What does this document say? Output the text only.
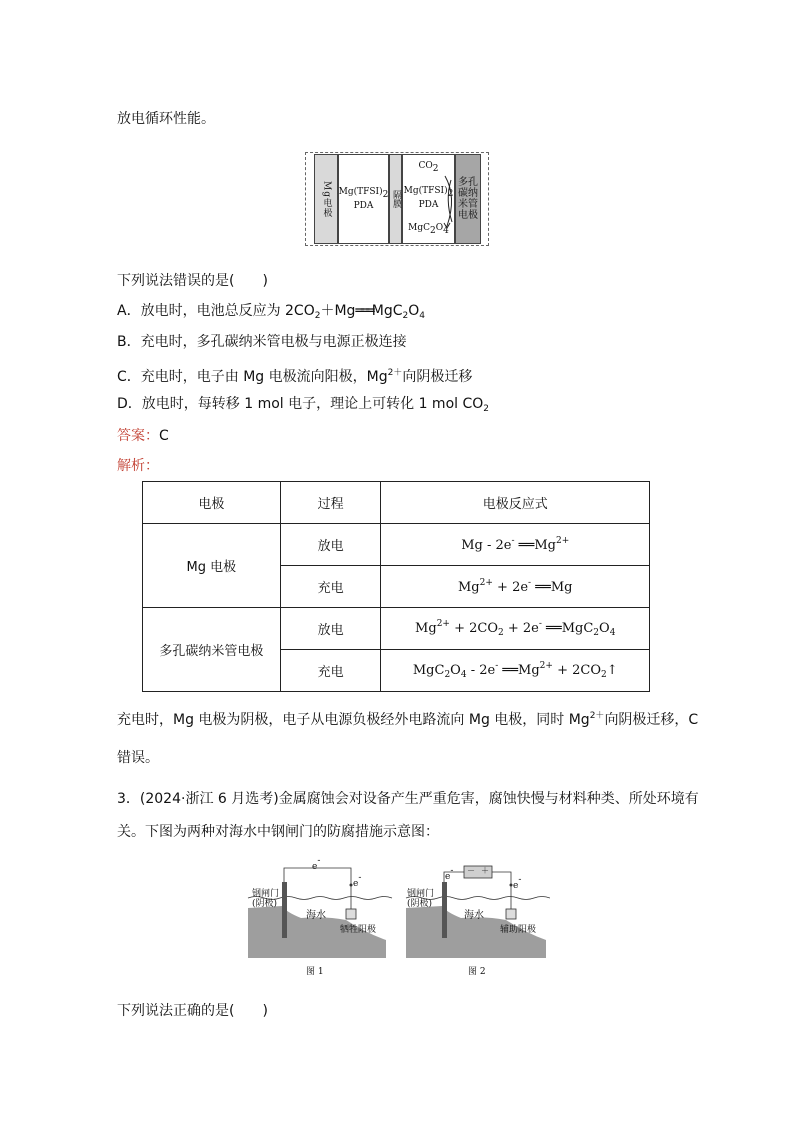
放电循环性能。
Mg电极 $Mg(TFSI)_2$
PDA	隔膜
$CO_2$
$Mg(TFSI)_2$
PDA
$MgC_2O_4$
多孔碳纳米管电极
下列说法错误的是(　　)
A．放电时，电池总反应为 $2CO_2+Mg═══MgC_2O_4$
B．充电时，多孔碳纳米管电极与电源正极连接
C．充电时，电子由 Mg 电极流向阳极，$Mg^{2+}$向阴极迁移
D．放电时，每转移 1 mol 电子，理论上可转化 1 mol $CO_2$
答案：C
解析：
电极	过程	电极反应式
Mg 电极	放电	Mg - 2e- $══Mg^{2+}$
	充电	$Mg^{2+} + 2e^-$ ══Mg
多孔碳纳米管电极	放电	$Mg^{2+} + 2CO_2 + 2e^-$ $══MgC_2O_4$
	充电	$MgC_2O_4 - 2e^-$ $══Mg^{2+}$ + $2CO_2↑$
充电时，Mg 电极为阴极，电子从电源负极经外电路流向 Mg 电极，同时 $Mg^{2+}$向阴极迁移，C
错误。
3．(2024·浙江 6 月选考)金属腐蚀会对设备产生严重危害，腐蚀快慢与材料种类、所处环境有
关。下图为两种对海水中钢闸门的防腐措施示意图：
钢闸门
(阴极)
海水
牺牲阳极
e-
e-
图 1
钢闸门
(阴极)
海水
辅助阳极
e- － ＋
e-
图 2
下列说法正确的是(　　)
